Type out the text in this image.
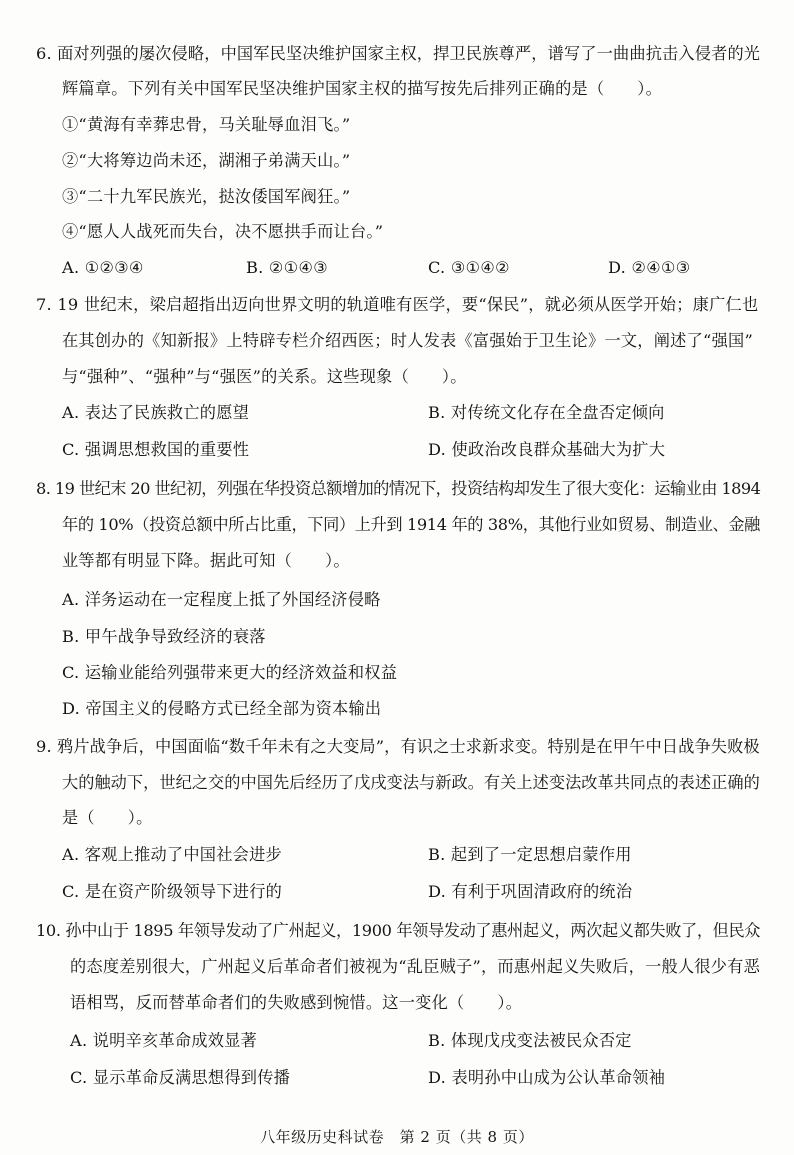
6. 面对列强的屡次侵略，中国军民坚决维护国家主权，捍卫民族尊严，谱写了一曲曲抗击入侵者的光
辉篇章。下列有关中国军民坚决维护国家主权的描写按先后排列正确的是（　　）。
①“黄海有幸葬忠骨，马关耻辱血泪飞。”
②“大将筹边尚未还，湖湘子弟满天山。”
③“二十九军民族光，挞汝倭国军阀狂。”
④“愿人人战死而失台，决不愿拱手而让台。”
A. ①②③④	B. ②①④③	C. ③①④②	D. ②④①③
7. 19 世纪末，梁启超指出迈向世界文明的轨道唯有医学，要“保民”，就必须从医学开始；康广仁也
在其创办的《知新报》上特辟专栏介绍西医；时人发表《富强始于卫生论》一文，阐述了“强国”
与“强种”、“强种”与“强医”的关系。这些现象（　　）。
A. 表达了民族救亡的愿望	B. 对传统文化存在全盘否定倾向
C. 强调思想救国的重要性	D. 使政治改良群众基础大为扩大
8. 19 世纪末 20 世纪初，列强在华投资总额增加的情况下，投资结构却发生了很大变化：运输业由 1894
年的 10%（投资总额中所占比重，下同）上升到 1914 年的 38%，其他行业如贸易、制造业、金融
业等都有明显下降。据此可知（　　）。
A. 洋务运动在一定程度上抵了外国经济侵略
B. 甲午战争导致经济的衰落
C. 运输业能给列强带来更大的经济效益和权益
D. 帝国主义的侵略方式已经全部为资本输出
9. 鸦片战争后，中国面临“数千年未有之大变局”，有识之士求新求变。特别是在甲午中日战争失败极
大的触动下，世纪之交的中国先后经历了戊戌变法与新政。有关上述变法改革共同点的表述正确的
是（　　）。
A. 客观上推动了中国社会进步	B. 起到了一定思想启蒙作用
C. 是在资产阶级领导下进行的	D. 有利于巩固清政府的统治
10. 孙中山于 1895 年领导发动了广州起义，1900 年领导发动了惠州起义，两次起义都失败了，但民众
的态度差别很大，广州起义后革命者们被视为“乱臣贼子”，而惠州起义失败后，一般人很少有恶
语相骂，反而替革命者们的失败感到惋惜。这一变化（　　）。
A. 说明辛亥革命成效显著	B. 体现戊戌变法被民众否定
C. 显示革命反满思想得到传播	D. 表明孙中山成为公认革命领袖
八年级历史科试卷　第 2 页（共 8 页）
